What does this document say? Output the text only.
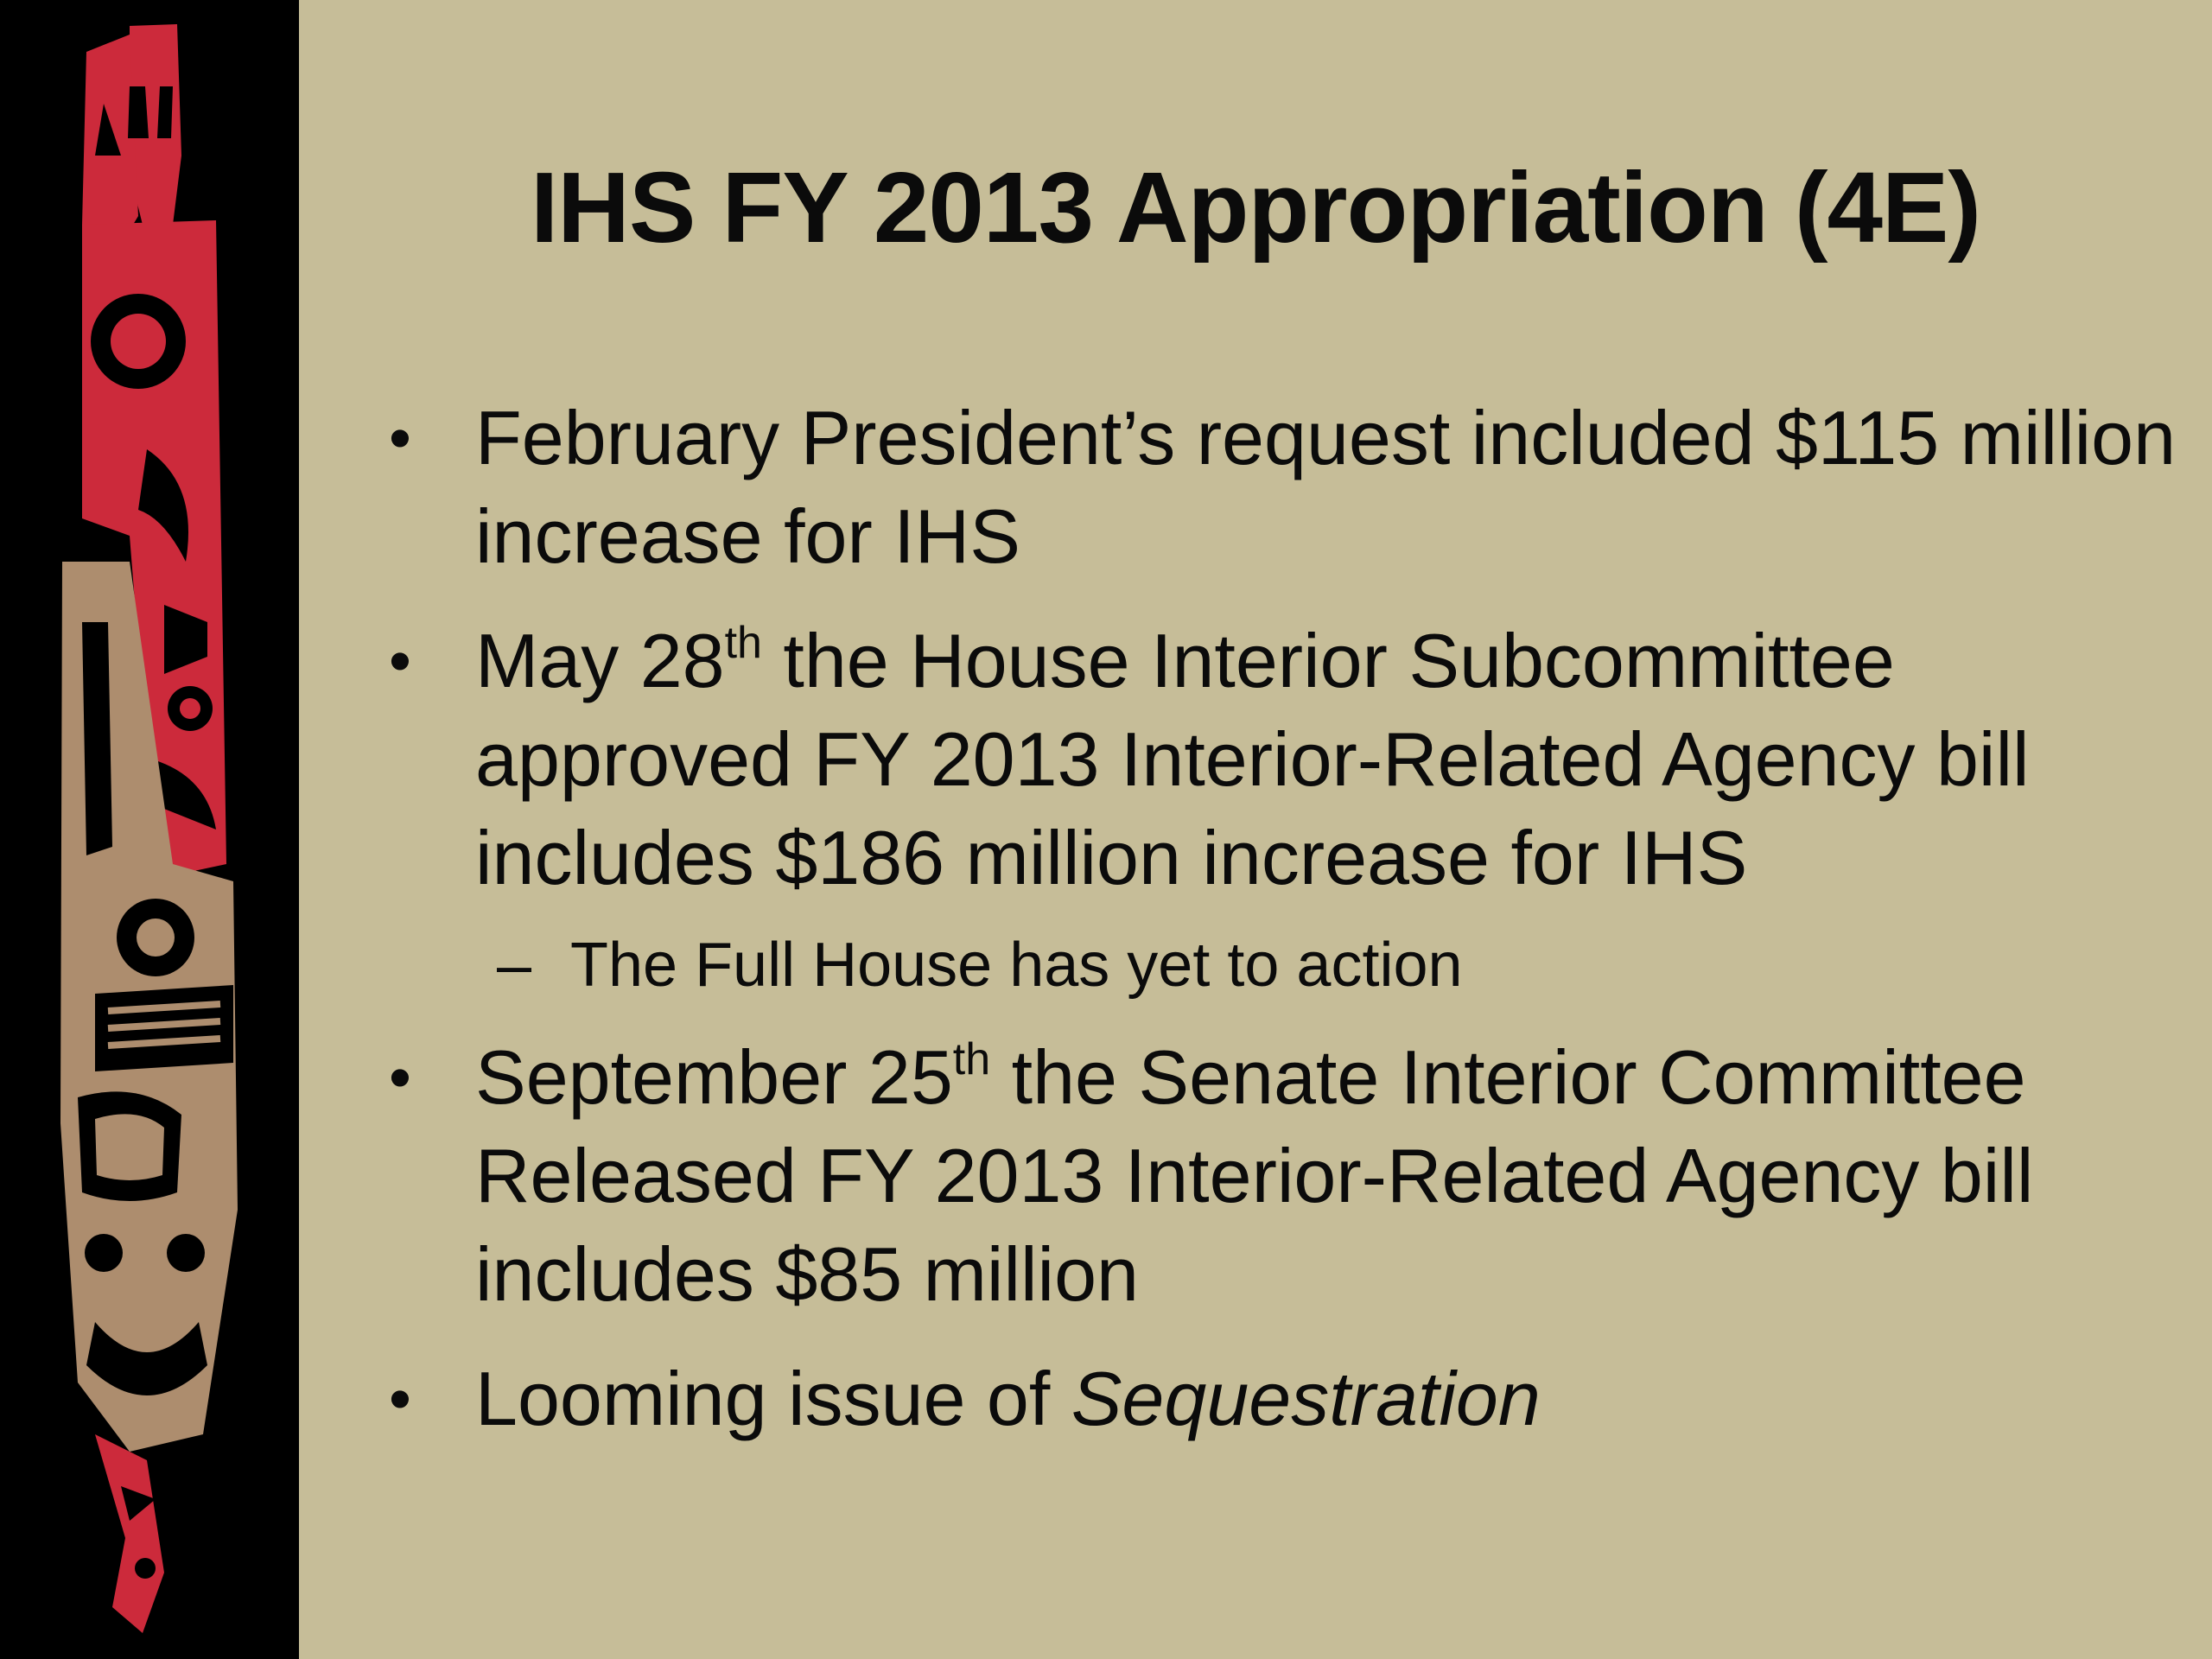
IHS FY 2013 Appropriation (4E)
• February President’s request included $115 million increase for IHS
• May 28th the House Interior Subcommittee approved FY 2013 Interior-Related Agency bill includes $186 million increase for IHS
– The Full House has yet to action
• September 25th the Senate Interior Committee Released FY 2013 Interior-Related Agency bill includes $85 million
• Looming issue of Sequestration
